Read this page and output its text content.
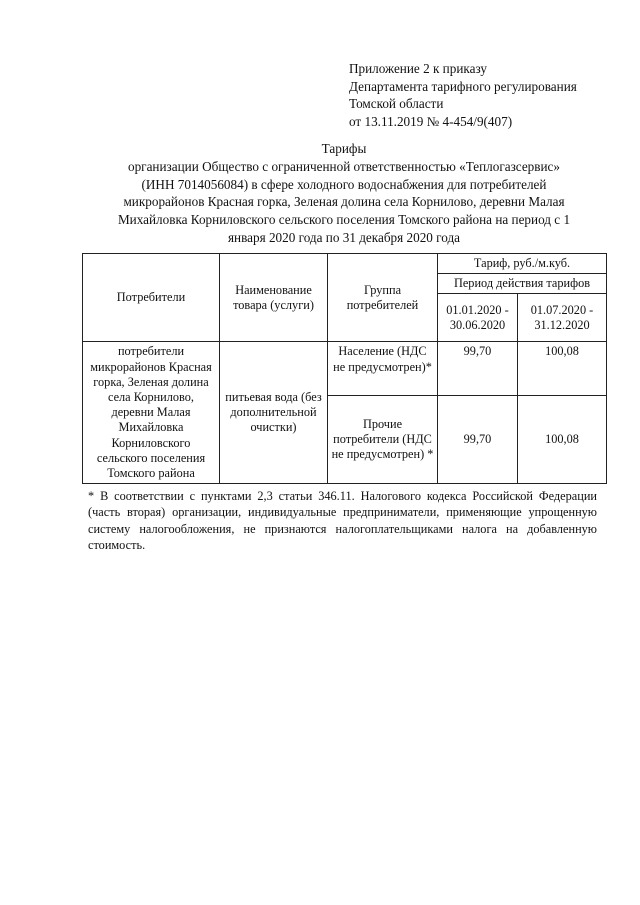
Приложение 2 к приказу
Департамента тарифного регулирования
Томской области
от 13.11.2019 № 4-454/9(407)
Тарифы
организации Общество с ограниченной ответственностью «Теплогазсервис»
(ИНН 7014056084) в сфере холодного водоснабжения для потребителей
микрорайонов Красная горка, Зеленая долина села Корнилово, деревни Малая
Михайловка Корниловского сельского поселения Томского района на период с 1
января 2020 года по 31 декабря 2020 года
Потребители	Наименование товара (услуги)	Группа потребителей	Тариф, руб./м.куб.	
			Период действия тарифов	
			01.01.2020 - 30.06.2020	01.07.2020 - 31.12.2020
потребители микрорайонов Красная горка, Зеленая долина села Корнилово, деревни Малая Михайловка Корниловского сельского поселения Томского района	питьевая вода (без дополнительной очистки)	Население (НДС не предусмотрен)*	99,70	100,08
		Прочие потребители (НДС не предусмотрен) *	99,70	100,08
* В соответствии с пунктами 2,3 статьи 346.11. Налогового кодекса Российской Федерации (часть вторая) организации, индивидуальные предприниматели, применяющие упрощенную систему налогообложения, не признаются налогоплательщиками налога на добавленную стоимость.
